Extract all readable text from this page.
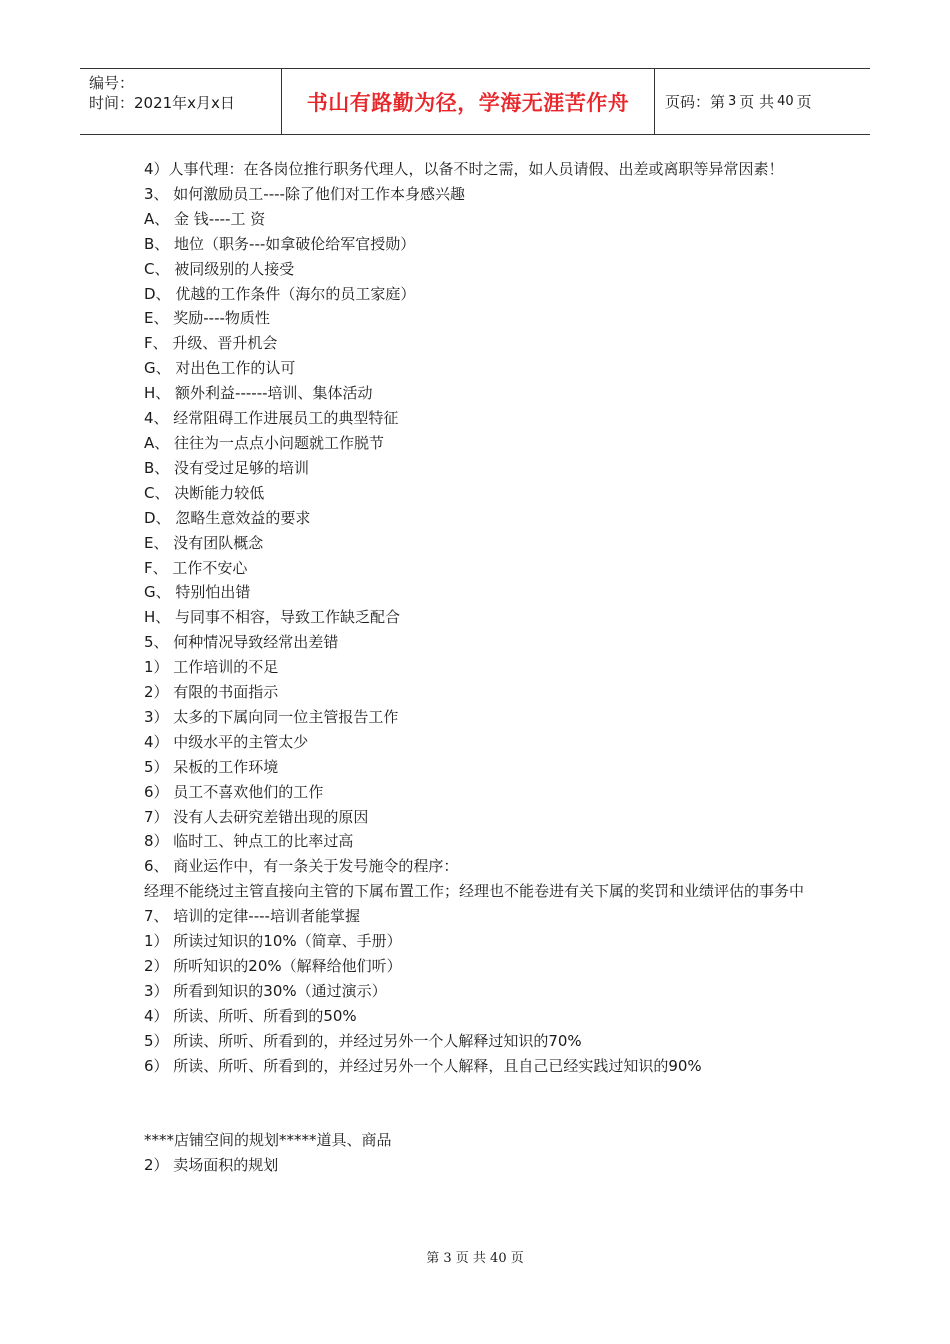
编号：
时间：2021年x月x日	书山有路勤为径，学海无涯苦作舟 页码：第 3 页 共 40 页
4）人事代理：在各岗位推行职务代理人，以备不时之需，如人员请假、出差或离职等异常因素！
3、 如何激励员工----除了他们对工作本身感兴趣
A、 金 钱----工 资
B、 地位（职务---如拿破伦给军官授勋）
C、 被同级别的人接受
D、 优越的工作条件（海尔的员工家庭）
E、 奖励----物质性
F、 升级、晋升机会
G、 对出色工作的认可
H、 额外利益------培训、集体活动
4、 经常阻碍工作进展员工的典型特征
A、 往往为一点点小问题就工作脱节
B、 没有受过足够的培训
C、 决断能力较低
D、 忽略生意效益的要求
E、 没有团队概念
F、 工作不安心
G、 特别怕出错
H、 与同事不相容，导致工作缺乏配合
5、 何种情况导致经常出差错
1） 工作培训的不足
2） 有限的书面指示
3） 太多的下属向同一位主管报告工作
4） 中级水平的主管太少
5） 呆板的工作环境
6） 员工不喜欢他们的工作
7） 没有人去研究差错出现的原因
8） 临时工、钟点工的比率过高
6、 商业运作中，有一条关于发号施令的程序：
经理不能绕过主管直接向主管的下属布置工作；经理也不能卷进有关下属的奖罚和业绩评估的事务中
7、 培训的定律----培训者能掌握
1） 所读过知识的10%（简章、手册）
2） 所听知识的20%（解释给他们听）
3） 所看到知识的30%（通过演示）
4） 所读、所听、所看到的50%
5） 所读、所听、所看到的，并经过另外一个人解释过知识的70%
6） 所读、所听、所看到的，并经过另外一个人解释，且自己已经实践过知识的90%
****店铺空间的规划*****道具、商品
2） 卖场面积的规划
第 3 页 共 40 页
